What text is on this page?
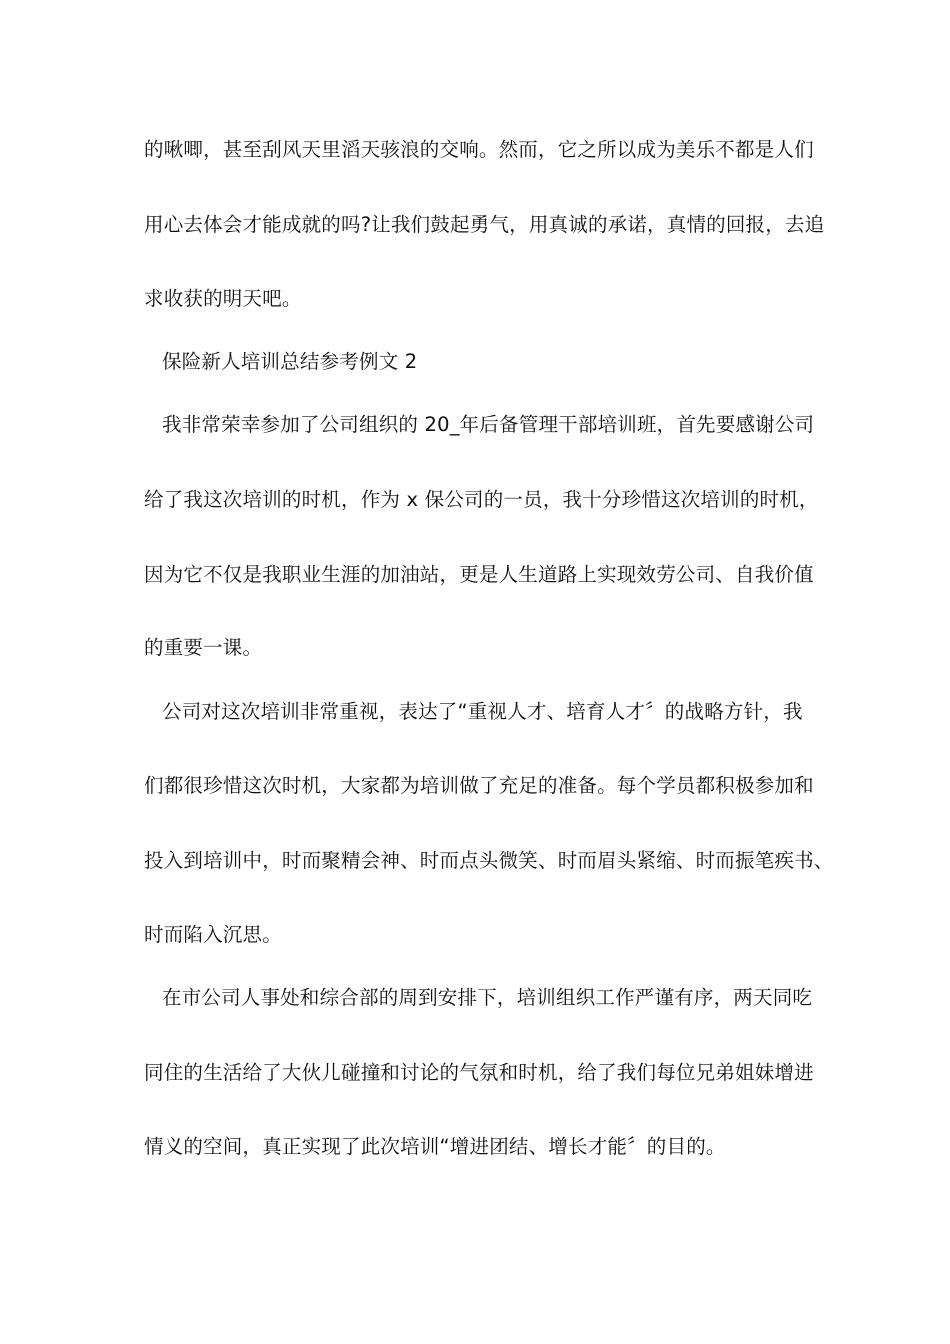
的啾唧，甚至刮风天里滔天骇浪的交响。然而，它之所以成为美乐不都是人们
用心去体会才能成就的吗?让我们鼓起勇气，用真诚的承诺，真情的回报，去追
求收获的明天吧。
保险新人培训总结参考例文 2
我非常荣幸参加了公司组织的 20_年后备管理干部培训班，首先要感谢公司
给了我这次培训的时机，作为 x 保公司的一员，我十分珍惜这次培训的时机，
因为它不仅是我职业生涯的加油站，更是人生道路上实现效劳公司、自我价值
的重要一课。
公司对这次培训非常重视，表达了“重视人才、培育人才〞的战略方针，我
们都很珍惜这次时机，大家都为培训做了充足的准备。每个学员都积极参加和
投入到培训中，时而聚精会神、时而点头微笑、时而眉头紧缩、时而振笔疾书、
时而陷入沉思。
在市公司人事处和综合部的周到安排下，培训组织工作严谨有序，两天同吃
同住的生活给了大伙儿碰撞和讨论的气氛和时机，给了我们每位兄弟姐妹增进
情义的空间，真正实现了此次培训“增进团结、增长才能〞的目的。
